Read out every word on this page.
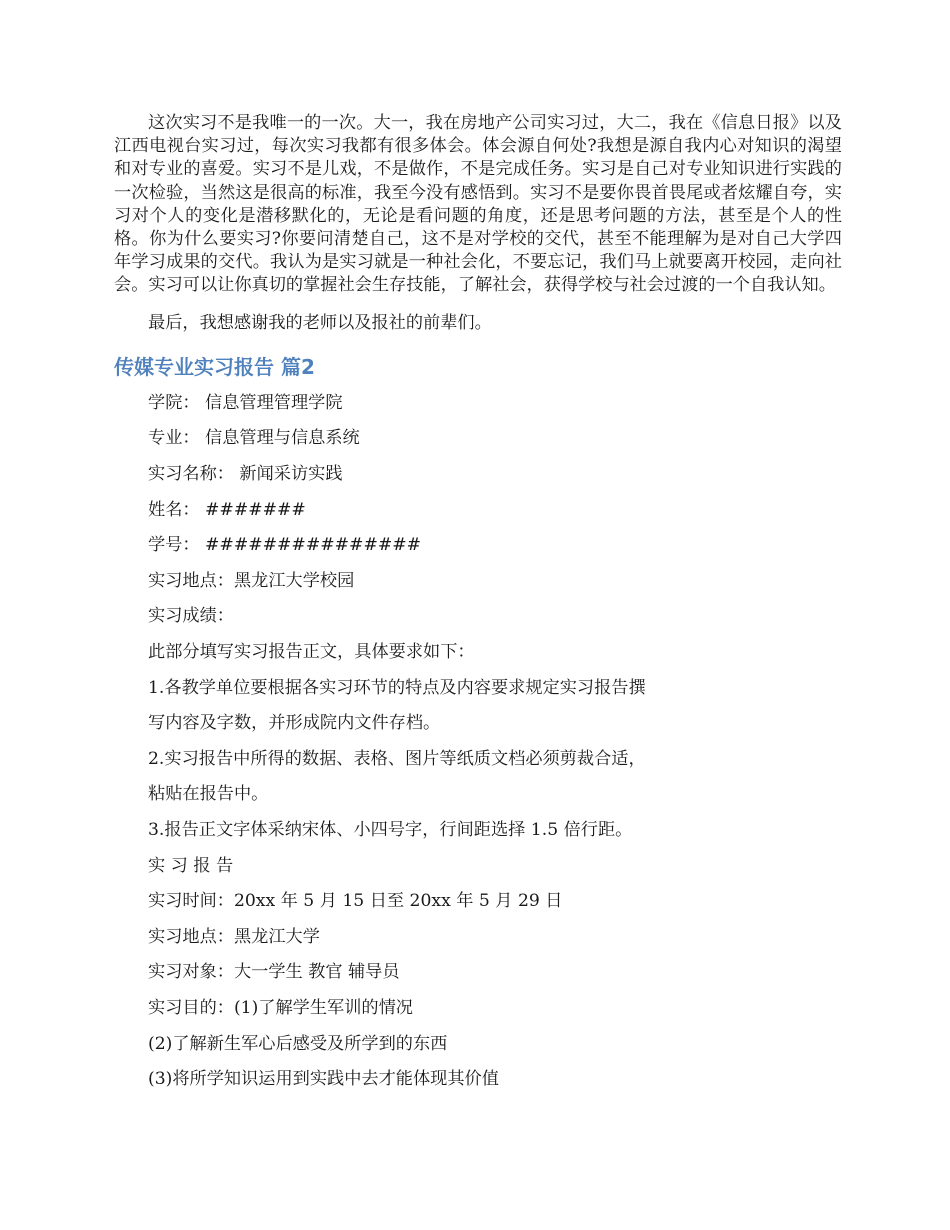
这次实习不是我唯一的一次。大一，我在房地产公司实习过，大二，我在《信息日报》以及江西电视台实习过，每次实习我都有很多体会。体会源自何处?我想是源自我内心对知识的渴望和对专业的喜爱。实习不是儿戏，不是做作，不是完成任务。实习是自己对专业知识进行实践的一次检验，当然这是很高的标准，我至今没有感悟到。实习不是要你畏首畏尾或者炫耀自夸，实习对个人的变化是潜移默化的，无论是看问题的角度，还是思考问题的方法，甚至是个人的性格。你为什么要实习?你要问清楚自己，这不是对学校的交代，甚至不能理解为是对自己大学四年学习成果的交代。我认为是实习就是一种社会化，不要忘记，我们马上就要离开校园，走向社会。实习可以让你真切的掌握社会生存技能，了解社会，获得学校与社会过渡的一个自我认知。

最后，我想感谢我的老师以及报社的前辈们。

传媒专业实习报告 篇2

学院： 信息管理管理学院

专业： 信息管理与信息系统

实习名称： 新闻采访实践

姓名： #######

学号： ###############

实习地点：黑龙江大学校园

实习成绩：

此部分填写实习报告正文，具体要求如下：

1.各教学单位要根据各实习环节的特点及内容要求规定实习报告撰

写内容及字数，并形成院内文件存档。

2.实习报告中所得的数据、表格、图片等纸质文档必须剪裁合适，

粘贴在报告中。

3.报告正文字体采纳宋体、小四号字，行间距选择 1.5 倍行距。

实 习 报 告

实习时间：20xx 年 5 月 15 日至 20xx 年 5 月 29 日

实习地点：黑龙江大学

实习对象：大一学生 教官 辅导员

实习目的：(1)了解学生军训的情况

(2)了解新生军心后感受及所学到的东西

(3)将所学知识运用到实践中去才能体现其价值
